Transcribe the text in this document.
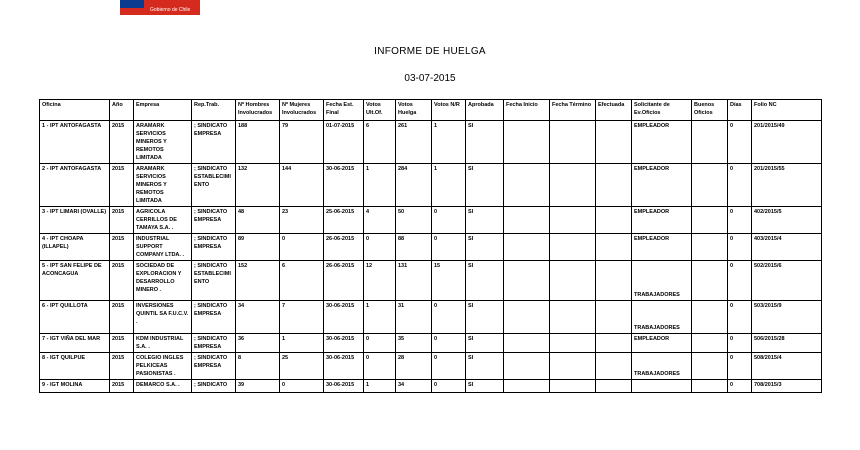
Gobierno de Chile
INFORME DE HUELGA
03-07-2015
Oficina	Año	Empresa	Rep.Trab.	Nº Hombres Involucrados	Nº Mujeres Involucrados	Fecha Est. Final	Votos Ult.Of.	Votos Huelga	Votos N/R	Aprobada	Fecha Inicio	Fecha Término	Efectuada	Solicitante de Ev.Oficios	Buenos Oficios	Días	Folio NC
1 - IPT ANTOFAGASTA	2015	ARAMARK SERVICIOS MINEROS Y REMOTOS LIMITADA	; SINDICATO EMPRESA	188	79	01-07-2015	6	261	1	SI				EMPLEADOR		0	201/2015/49
2 - IPT ANTOFAGASTA	2015	ARAMARK SERVICIOS MINEROS Y REMOTOS LIMITADA	; SINDICATO ESTABLECIMIENTO	132	144	30-06-2015	1	284	1	SI				EMPLEADOR		0	201/2015/55
3 - IPT LIMARI (OVALLE)	2015	AGRICOLA CERRILLOS DE TAMAYA S.A. .	; SINDICATO EMPRESA	48	23	25-06-2015	4	50	0	SI				EMPLEADOR		0	402/2015/5
4 - IPT CHOAPA (ILLAPEL)	2015	INDUSTRIAL SUPPORT COMPANY LTDA. .	; SINDICATO EMPRESA	89	0	26-06-2015	0	88	0	SI				EMPLEADOR		0	403/2015/4
5 - IPT SAN FELIPE DE ACONCAGUA	2015	SOCIEDAD DE EXPLORACION Y DESARROLLO MINERO .	; SINDICATO ESTABLECIMIENTO	152	6	26-06-2015	12	131	15	SI				TRABAJADORES		0	502/2015/6
6 - IPT QUILLOTA	2015	INVERSIONES QUINTIL SA F.U.C.V. .	; SINDICATO EMPRESA	34	7	30-06-2015	1	31	0	SI				TRABAJADORES		0	503/2015/9
7 - IGT VIÑA DEL MAR	2015	KDM INDUSTRIAL S.A. .	; SINDICATO EMPRESA	36	1	30-06-2015	0	35	0	SI				EMPLEADOR		0	506/2015/28
8 - IGT QUILPUE	2015	COLEGIO INGLES PELKICEAS PASIONISTAS .	; SINDICATO EMPRESA	8	25	30-06-2015	0	28	0	SI				TRABAJADORES		0	508/2015/4
9 - IGT MOLINA	2015	DEMARCO S.A. .	; SINDICATO	39	0	30-06-2015	1	34	0	SI						0	708/2015/3
